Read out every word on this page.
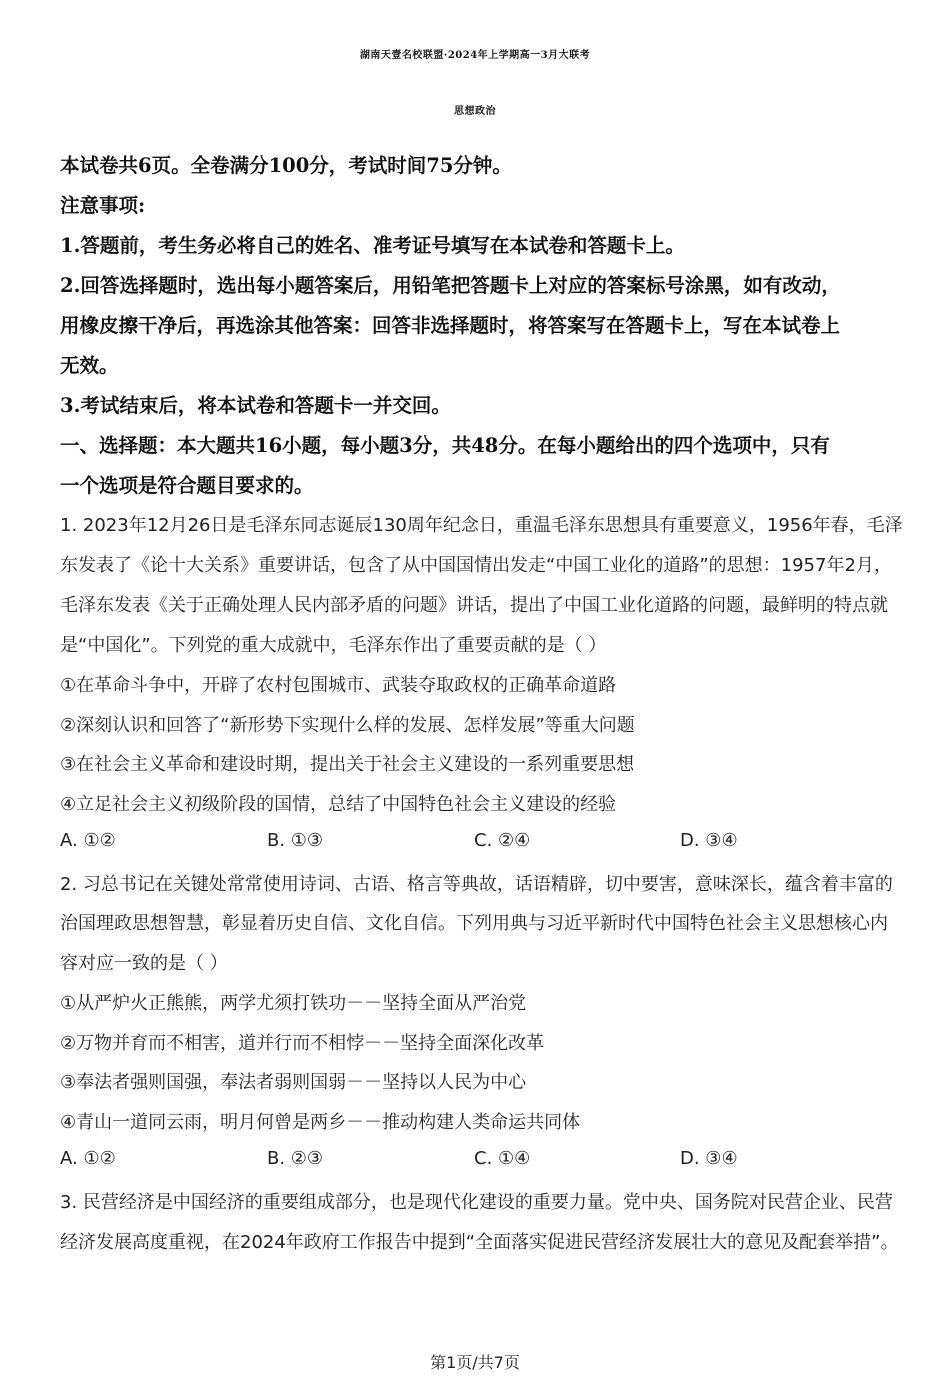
湖南天壹名校联盟·2024年上学期高一3月大联考
思想政治
本试卷共6页。全卷满分100分，考试时间75分钟。
注意事项:
1.答题前，考生务必将自己的姓名、准考证号填写在本试卷和答题卡上。
2.回答选择题时，选出每小题答案后，用铅笔把答题卡上对应的答案标号涂黑，如有改动，
用橡皮擦干净后，再选涂其他答案：回答非选择题时，将答案写在答题卡上，写在本试卷上
无效。
3.考试结束后，将本试卷和答题卡一并交回。
一、选择题：本大题共16小题，每小题3分，共48分。在每小题给出的四个选项中，只有
一个选项是符合题目要求的。
1. 2023年12月26日是毛泽东同志诞辰130周年纪念日，重温毛泽东思想具有重要意义，1956年春，毛泽
东发表了《论十大关系》重要讲话，包含了从中国国情出发走“中国工业化的道路”的思想：1957年2月，
毛泽东发表《关于正确处理人民内部矛盾的问题》讲话，提出了中国工业化道路的问题，最鲜明的特点就
是“中国化”。下列党的重大成就中，毛泽东作出了重要贡献的是（ ）
①在革命斗争中，开辟了农村包围城市、武装夺取政权的正确革命道路
②深刻认识和回答了“新形势下实现什么样的发展、怎样发展”等重大问题
③在社会主义革命和建设时期，提出关于社会主义建设的一系列重要思想
④立足社会主义初级阶段的国情，总结了中国特色社会主义建设的经验
A. ①②	B. ①③	C. ②④	D. ③④
2. 习总书记在关键处常常使用诗词、古语、格言等典故，话语精辟，切中要害，意味深长，蕴含着丰富的
治国理政思想智慧，彰显着历史自信、文化自信。下列用典与习近平新时代中国特色社会主义思想核心内
容对应一致的是（ ）
①从严炉火正熊熊，两学尤须打铁功－－坚持全面从严治党
②万物并育而不相害，道并行而不相悖－－坚持全面深化改革
③奉法者强则国强，奉法者弱则国弱－－坚持以人民为中心
④青山一道同云雨，明月何曾是两乡－－推动构建人类命运共同体
A. ①②	B. ②③	C. ①④	D. ③④
3. 民营经济是中国经济的重要组成部分，也是现代化建设的重要力量。党中央、国务院对民营企业、民营
经济发展高度重视，在2024年政府工作报告中提到“全面落实促进民营经济发展壮大的意见及配套举措”。
第1页/共7页
